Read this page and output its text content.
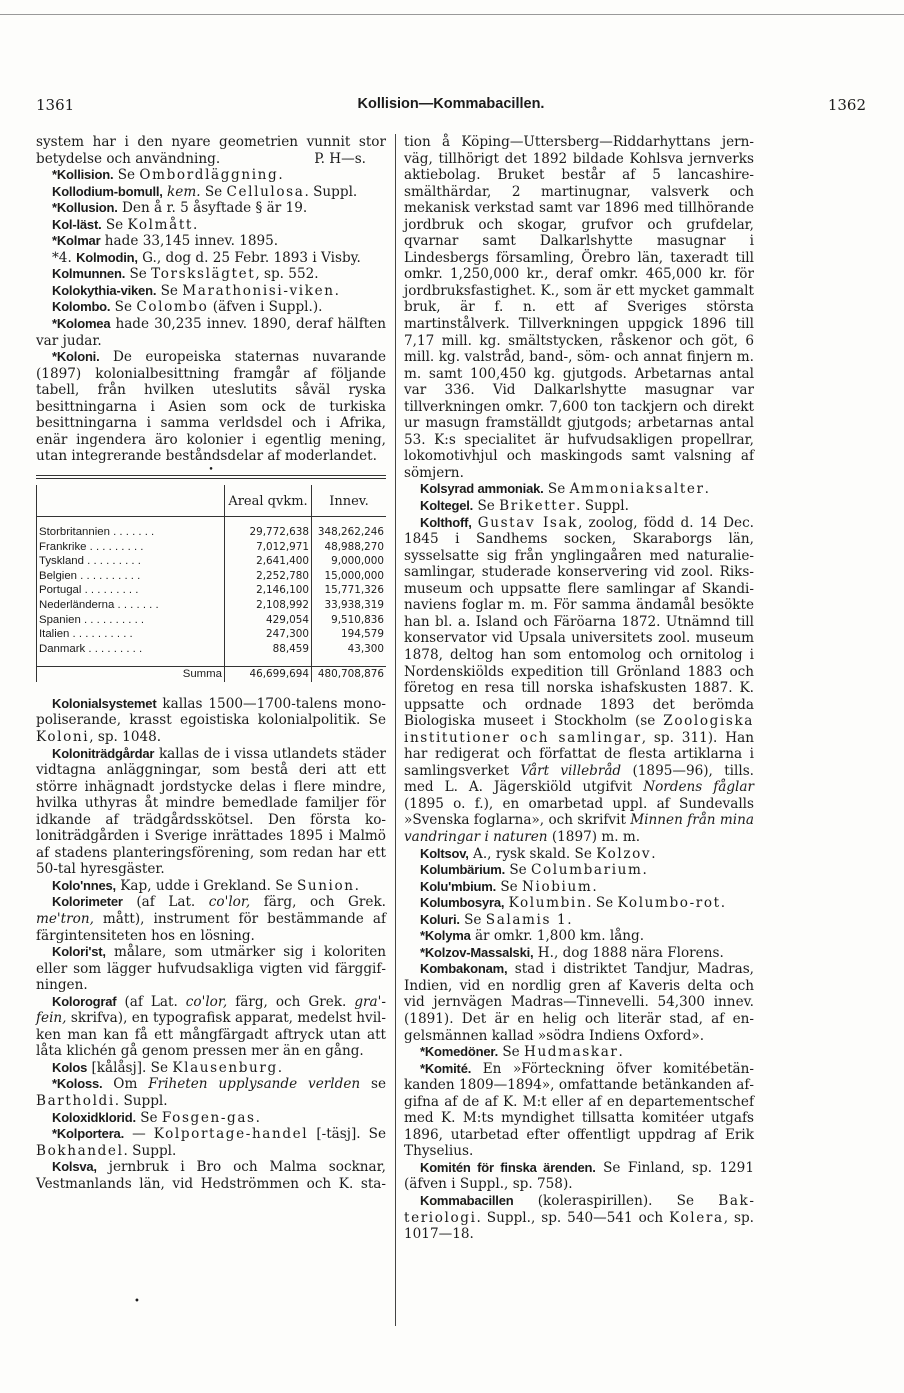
1361	Kollision—Kommabacillen.	1362

system har i den nyare geometrien vunnit stor betydelse och användning.	P. H—s.

*Kollision. Se Ombordläggning.

Kollodium-bomull, kem. Se Cellulosa. Suppl.

*Kollusion. Den å r. 5 åsyftade § är 19.

Kol-läst. Se Kolmått.

*Kolmar hade 33,145 innev. 1895.

*4. Kolmodin, G., dog d. 25 Febr. 1893 i Visby.

Kolmunnen. Se Torskslägtet, sp. 552.

Kolokythia-viken. Se Marathonisi-viken.

Kolombo. Se Colombo (äfven i Suppl.).

*Kolomea hade 30,235 innev. 1890, deraf hälften var judar.

*Koloni. De europeiska staternas nuvarande (1897) kolonialbesittning framgår af följande tabell, från hvilken uteslutits såväl ryska besittningarna i Asien som ock de turkiska besittningarna i samma verldsdel och i Afrika, enär ingendera äro kolonier i egentlig mening, utan integrerande beståndsdelar af moderlandet.

•
	Areal qvkm.	Innev.
Storbritannien . . . . . . .	29,772,638	348,262,246
Frankrike . . . . . . . . .	7,012,971	48,988,270
Tyskland . . . . . . . . .	2,641,400	9,000,000
Belgien . . . . . . . . . .	2,252,780	15,000,000
Portugal . . . . . . . . .	2,146,100	15,771,326
Nederländerna . . . . . . .	2,108,992	33,938,319
Spanien . . . . . . . . . .	429,054	9,510,836
Italien . . . . . . . . . .	247,300	194,579
Danmark . . . . . . . . .	88,459	43,300

Summa	46,699,694	480,708,876

Kolonialsystemet kallas 1500—1700-talens monopoliserande, krasst egoistiska kolonialpolitik. Se Koloni, sp. 1048.

Koloniträdgårdar kallas de i vissa utlandets städer vidtagna anläggningar, som bestå deri att ett större inhägnadt jordstycke delas i flere mindre, hvilka uthyras åt mindre bemedlade familjer för idkande af trädgårdsskötsel. Den första koloniträdgården i Sverige inrättades 1895 i Malmö af stadens planteringsförening, som redan har ett 50-tal hyresgäster.

Kolo'nnes, Kap, udde i Grekland. Se Sunion.

Kolorimeter (af Lat. co'lor, färg, och Grek. me'tron, mått), instrument för bestämmande af färgintensiteten hos en lösning.

Kolori'st, målare, som utmärker sig i koloriten eller som lägger hufvudsakliga vigten vid färggifningen.

Kolorograf (af Lat. co'lor, färg, och Grek. gra'fein, skrifva), en typografisk apparat, medelst hvilken man kan få ett mångfärgadt aftryck utan att låta klichén gå genom pressen mer än en gång.

Kolos [kålåsj]. Se Klausenburg.

*Koloss. Om Friheten upplysande verlden se Bartholdi. Suppl.

Koloxidklorid. Se Fosgen-gas.

*Kolportera. — Kolportage-handel [-täsj]. Se Bokhandel. Suppl.

Kolsva, jernbruk i Bro och Malma socknar, Vestmanlands län, vid Hedströmmen och K. sta-

•

tion å Köping—Uttersberg—Riddarhyttans jernväg, tillhörigt det 1892 bildade Kohlsva jernverks aktiebolag. Bruket består af 5 lancashiresmälthärdar, 2 martinugnar, valsverk och mekanisk verkstad samt var 1896 med tillhörande jordbruk och skogar, grufvor och grufdelar, qvarnar samt Dalkarlshytte masugnar i Lindesbergs församling, Örebro län, taxeradt till omkr. 1,250,000 kr., deraf omkr. 465,000 kr. för jordbruksfastighet. K., som är ett mycket gammalt bruk, är f. n. ett af Sveriges största martinstålverk. Tillverkningen uppgick 1896 till 7,17 mill. kg. smältstycken, råskenor och göt, 6 mill. kg. valstråd, band-, söm- och annat finjern m. m. samt 100,450 kg. gjutgods. Arbetarnas antal var 336. Vid Dalkarlshytte masugnar var tillverkningen omkr. 7,600 ton tackjern och direkt ur masugn framställdt gjutgods; arbetarnas antal 53. K:s specialitet är hufvudsakligen propellrar, lokomotivhjul och maskingods samt valsning af sömjern.

Kolsyrad ammoniak. Se Ammoniaksalter.

Koltegel. Se Briketter. Suppl.

Kolthoff, Gustav Isak, zoolog, född d. 14 Dec. 1845 i Sandhems socken, Skaraborgs län, sysselsatte sig från ynglingaåren med naturaliesamlingar, studerade konservering vid zool. Riksmuseum och uppsatte flere samlingar af Skandinaviens foglar m. m. För samma ändamål besökte han bl. a. Island och Färöarna 1872. Utnämnd till konservator vid Upsala universitets zool. museum 1878, deltog han som entomolog och ornitolog i Nordenskiölds expedition till Grönland 1883 och företog en resa till norska ishafskusten 1887. K. uppsatte och ordnade 1893 det berömda Biologiska museet i Stockholm (se Zoologiska institutioner och samlingar, sp. 311). Han har redigerat och författat de flesta artiklarna i samlingsverket Vårt villebråd (1895—96), tills. med L. A. Jägerskiöld utgifvit Nordens fåglar (1895 o. f.), en omarbetad uppl. af Sundevalls »Svenska foglarna», och skrifvit Minnen från mina vandringar i naturen (1897) m. m.

Koltsov, A., rysk skald. Se Kolzov.

Kolumbärium. Se Columbarium.

Kolu'mbium. Se Niobium.

Kolumbosyra, Kolumbin. Se Kolumbo-rot.

Koluri. Se Salamis 1.

*Kolyma är omkr. 1,800 km. lång.

*Kolzov-Massalski, H., dog 1888 nära Florens.

Kombakonam, stad i distriktet Tandjur, Madras, Indien, vid en nordlig gren af Kaveris delta och vid jernvägen Madras—Tinnevelli. 54,300 innev. (1891). Det är en helig och literär stad, af engelsmännen kallad »södra Indiens Oxford».

*Komedöner. Se Hudmaskar.

*Komité. En »Förteckning öfver komitébetänkanden 1809—1894», omfattande betänkanden afgifna af de af K. M:t eller af en departementschef med K. M:ts myndighet tillsatta komitéer utgafs 1896, utarbetad efter offentligt uppdrag af Erik Thyselius.

Komitén för finska ärenden. Se Finland, sp. 1291 (äfven i Suppl., sp. 758).

Kommabacillen (koleraspirillen). Se Bakteriologi. Suppl., sp. 540—541 och Kolera, sp. 1017—18.
